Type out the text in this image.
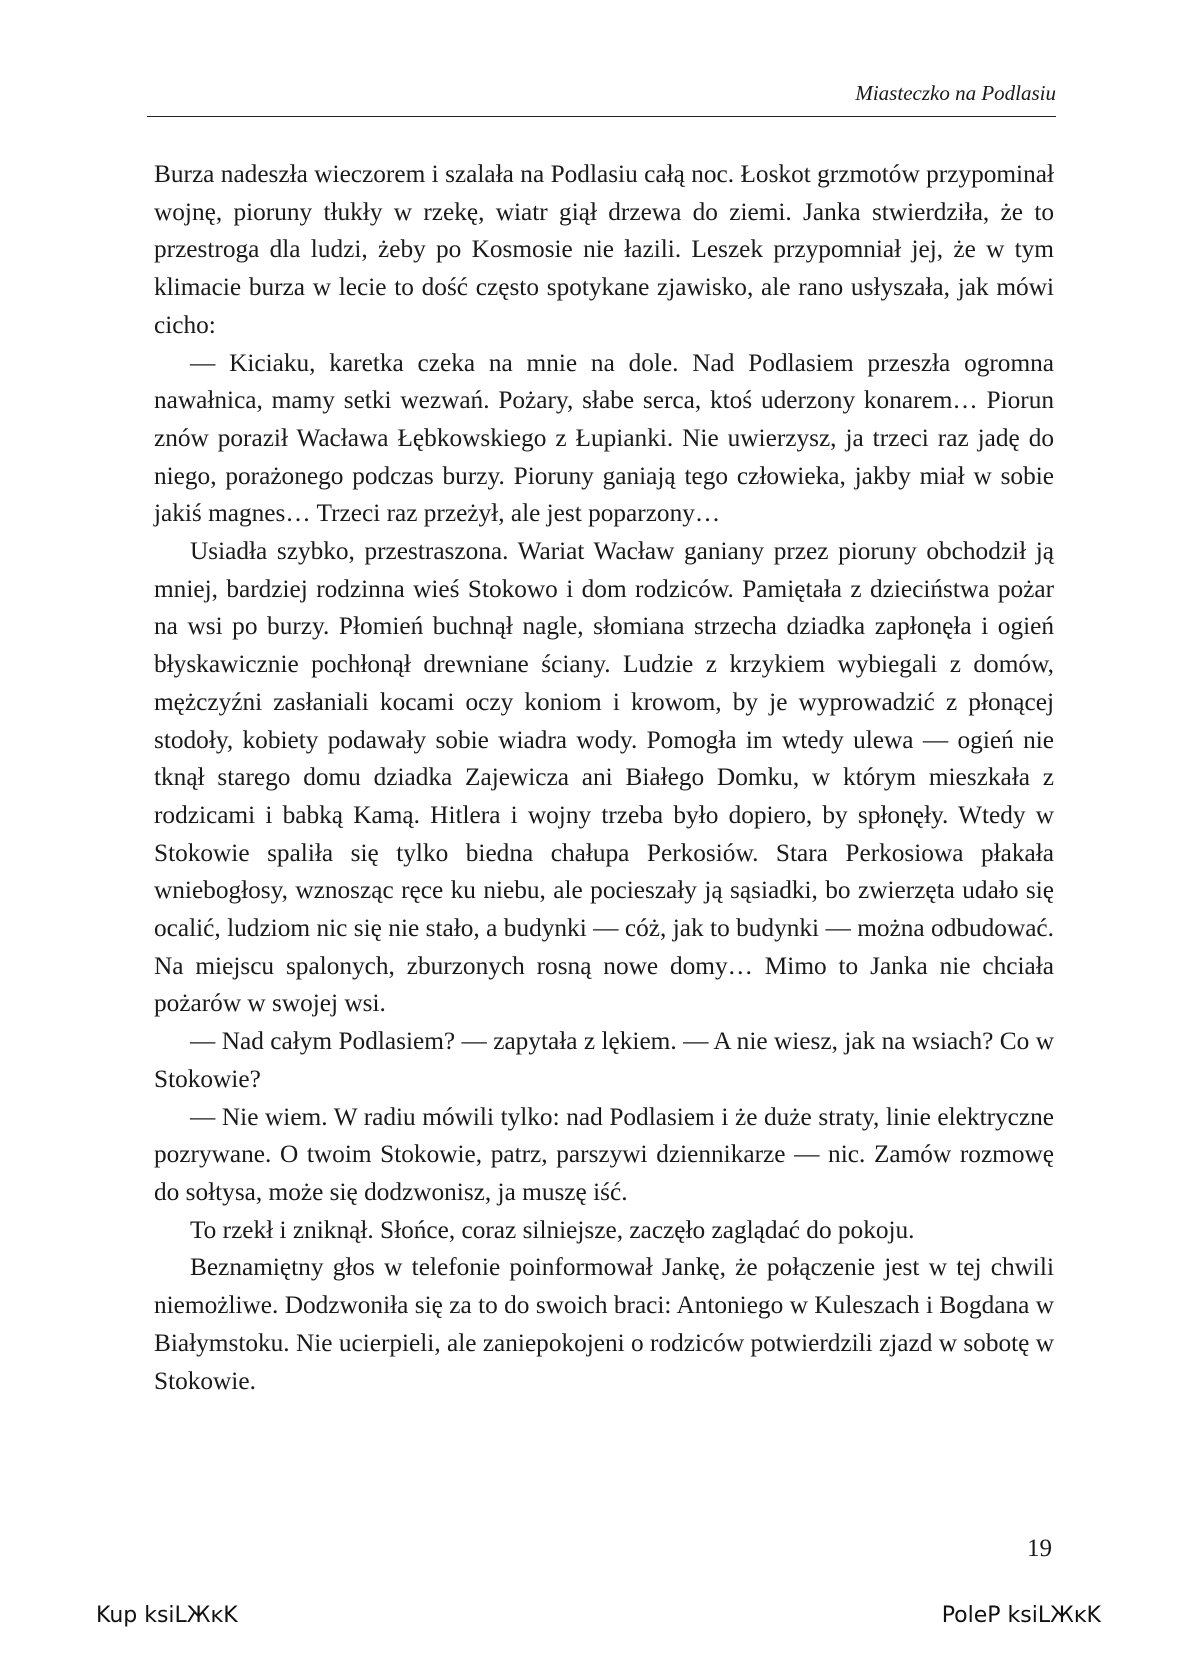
Miasteczko na Podlasiu

Burza nadeszła wieczorem i szalała na Podlasiu całą noc. Łoskot grzmotów przypominał wojnę, pioruny tłukły w rzekę, wiatr giął drzewa do ziemi. Janka stwierdziła, że to przestroga dla ludzi, żeby po Kosmosie nie łazili. Leszek przypomniał jej, że w tym klimacie burza w lecie to dość często spotykane zjawisko, ale rano usłyszała, jak mówi cicho:

— Kiciaku, karetka czeka na mnie na dole. Nad Podlasiem przeszła ogromna nawałnica, mamy setki wezwań. Pożary, słabe serca, ktoś uderzony konarem… Piorun znów poraził Wacława Łębkowskiego z Łupianki. Nie uwierzysz, ja trzeci raz jadę do niego, porażonego podczas burzy. Pioruny ganiają tego człowieka, jakby miał w sobie jakiś magnes… Trzeci raz przeżył, ale jest poparzony…

Usiadła szybko, przestraszona. Wariat Wacław ganiany przez pioruny obchodził ją mniej, bardziej rodzinna wieś Stokowo i dom rodziców. Pamiętała z dzieciństwa pożar na wsi po burzy. Płomień buchnął nagle, słomiana strzecha dziadka zapłonęła i ogień błyskawicznie pochłonął drewniane ściany. Ludzie z krzykiem wybiegali z domów, mężczyźni zasłaniali kocami oczy koniom i krowom, by je wyprowadzić z płonącej stodoły, kobiety podawały sobie wiadra wody. Pomogła im wtedy ulewa — ogień nie tknął starego domu dziadka Zajewicza ani Białego Domku, w którym mieszkała z rodzicami i babką Kamą. Hitlera i wojny trzeba było dopiero, by spłonęły. Wtedy w Stokowie spaliła się tylko biedna chałupa Perkosiów. Stara Perkosiowa płakała wniebogłosy, wznosząc ręce ku niebu, ale pocieszały ją sąsiadki, bo zwierzęta udało się ocalić, ludziom nic się nie stało, a budynki — cóż, jak to budynki — można odbudować. Na miejscu spalonych, zburzonych rosną nowe domy… Mimo to Janka nie chciała pożarów w swojej wsi.

— Nad całym Podlasiem? — zapytała z lękiem. — A nie wiesz, jak na wsiach? Co w Stokowie?

— Nie wiem. W radiu mówili tylko: nad Podlasiem i że duże straty, linie elektryczne pozrywane. O twoim Stokowie, patrz, parszywi dziennikarze — nic. Zamów rozmowę do sołtysa, może się dodzwonisz, ja muszę iść.

To rzekł i zniknął. Słońce, coraz silniejsze, zaczęło zaglądać do pokoju.

Beznamiętny głos w telefonie poinformował Jankę, że połączenie jest w tej chwili niemożliwe. Dodzwoniła się za to do swoich braci: Antoniego w Kuleszach i Bogdana w Białymstoku. Nie ucierpieli, ale zaniepokojeni o rodziców potwierdzili zjazd w sobotę w Stokowie.

19
Kup ksiLЖĸK	PoleP ksiLЖĸK
